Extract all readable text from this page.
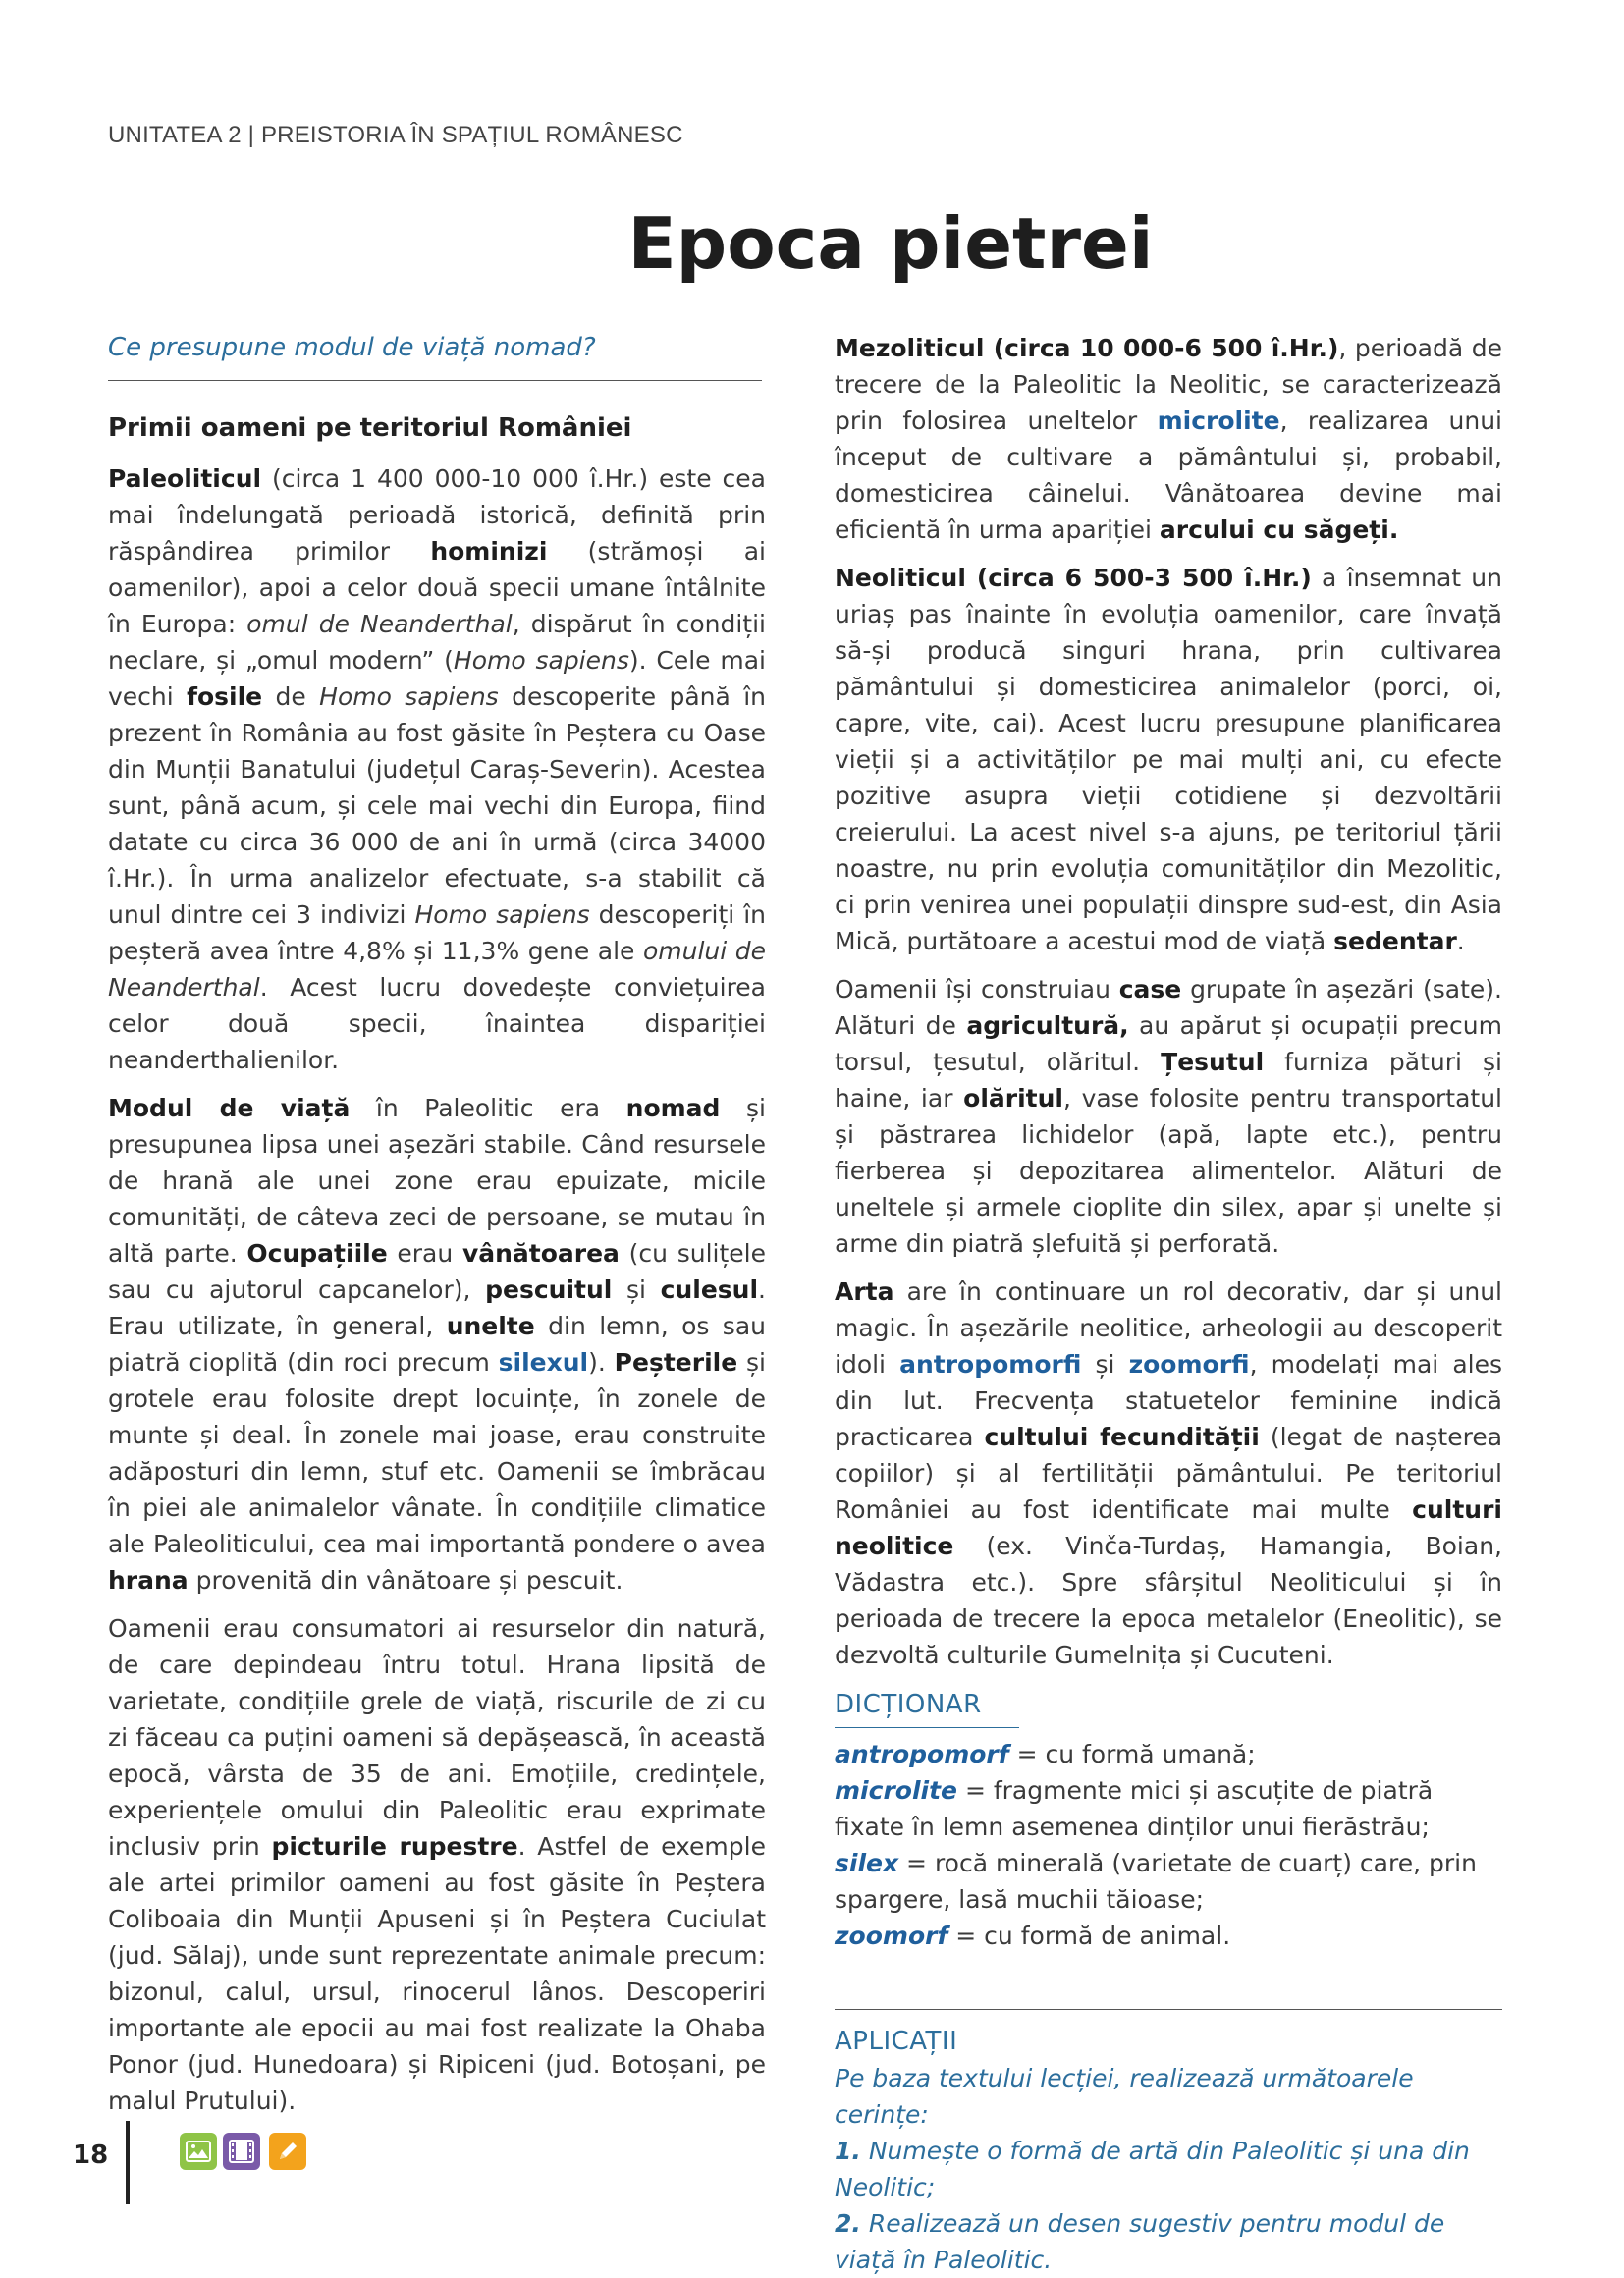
UNITATEA 2 | PREISTORIA ÎN SPAȚIUL ROMÂNESC
Epoca pietrei

Ce presupune modul de viață nomad?

Primii oameni pe teritoriul României

Paleoliticul (circa 1 400 000-10 000 î.Hr.) este cea mai îndelungată perioadă istorică, definită prin răspândirea primilor hominizi (strămoși ai oamenilor), apoi a celor două specii umane întâlnite în Europa: omul de Neanderthal, dispărut în condiții neclare, și „omul modern” (Homo sapiens). Cele mai vechi fosile de Homo sapiens descoperite până în prezent în România au fost găsite în Peștera cu Oase din Munții Banatului (județul Caraș-Severin). Acestea sunt, până acum, și cele mai vechi din Europa, fiind datate cu circa 36 000 de ani în urmă (circa 34000 î.Hr.). În urma analizelor efectuate, s-a stabilit că unul dintre cei 3 indivizi Homo sapiens descoperiți în peșteră avea între 4,8% și 11,3% gene ale omului de Neanderthal. Acest lucru dovedește conviețuirea celor două specii, înaintea dispariției neanderthalienilor.

Modul de viață în Paleolitic era nomad și presupunea lipsa unei așezări stabile. Când resursele de hrană ale unei zone erau epuizate, micile comunități, de câteva zeci de persoane, se mutau în altă parte. Ocupațiile erau vânătoarea (cu sulițele sau cu ajutorul capcanelor), pescuitul și culesul. Erau utilizate, în general, unelte din lemn, os sau piatră cioplită (din roci precum silexul). Peșterile și grotele erau folosite drept locuințe, în zonele de munte și deal. În zonele mai joase, erau construite adăposturi din lemn, stuf etc. Oamenii se îmbrăcau în piei ale animalelor vânate. În condițiile climatice ale Paleoliticului, cea mai importantă pondere o avea hrana provenită din vânătoare și pescuit.

Oamenii erau consumatori ai resurselor din natură, de care depindeau întru totul. Hrana lipsită de varietate, condițiile grele de viață, riscurile de zi cu zi făceau ca puțini oameni să depășească, în această epocă, vârsta de 35 de ani. Emoțiile, credințele, experiențele omului din Paleolitic erau exprimate inclusiv prin picturile rupestre. Astfel de exemple ale artei primilor oameni au fost găsite în Peștera Coliboaia din Munții Apuseni și în Peștera Cuciulat (jud. Sălaj), unde sunt reprezentate animale precum: bizonul, calul, ursul, rinocerul lânos. Descoperiri importante ale epocii au mai fost realizate la Ohaba Ponor (jud. Hunedoara) și Ripiceni (jud. Botoșani, pe malul Prutului).

Mezoliticul (circa 10 000-6 500 î.Hr.), perioadă de trecere de la Paleolitic la Neolitic, se caracterizează prin folosirea uneltelor microlite, realizarea unui început de cultivare a pământului și, probabil, domesticirea câinelui. Vânătoarea devine mai eficientă în urma apariției arcului cu săgeți.

Neoliticul (circa 6 500-3 500 î.Hr.) a însemnat un uriaș pas înainte în evoluția oamenilor, care învață să-și producă singuri hrana, prin cultivarea pământului și domesticirea animalelor (porci, oi, capre, vite, cai). Acest lucru presupune planificarea vieții și a activităților pe mai mulți ani, cu efecte pozitive asupra vieții cotidiene și dezvoltării creierului. La acest nivel s-a ajuns, pe teritoriul țării noastre, nu prin evoluția comunităților din Mezolitic, ci prin venirea unei populații dinspre sud-est, din Asia Mică, purtătoare a acestui mod de viață sedentar.

Oamenii își construiau case grupate în așezări (sate). Alături de agricultură, au apărut și ocupații precum torsul, țesutul, olăritul. Țesutul furniza pături și haine, iar olăritul, vase folosite pentru transportatul și păstrarea lichidelor (apă, lapte etc.), pentru fierberea și depozitarea alimentelor. Alături de uneltele și armele cioplite din silex, apar și unelte și arme din piatră șlefuită și perforată.

Arta are în continuare un rol decorativ, dar și unul magic. În așezările neolitice, arheologii au descoperit idoli antropomorfi și zoomorfi, modelați mai ales din lut. Frecvența statuetelor feminine indică practicarea cultului fecundității (legat de nașterea copiilor) și al fertilității pământului. Pe teritoriul României au fost identificate mai multe culturi neolitice (ex. Vinča-Turdaș, Hamangia, Boian, Vădastra etc.). Spre sfârșitul Neoliticului și în perioada de trecere la epoca metalelor (Eneolitic), se dezvoltă culturile Gumelnița și Cucuteni.

DICȚIONAR

antropomorf = cu formă umană;

microlite = fragmente mici și ascuțite de piatră fixate în lemn asemenea dinților unui fierăstrău;

silex = rocă minerală (varietate de cuarț) care, prin spargere, lasă muchii tăioase;

zoomorf = cu formă de animal.

APLICAȚII

Pe baza textului lecției, realizează următoarele cerințe:

1. Numește o formă de artă din Paleolitic și una din Neolitic;

2. Realizează un desen sugestiv pentru modul de viață în Paleolitic.

18
